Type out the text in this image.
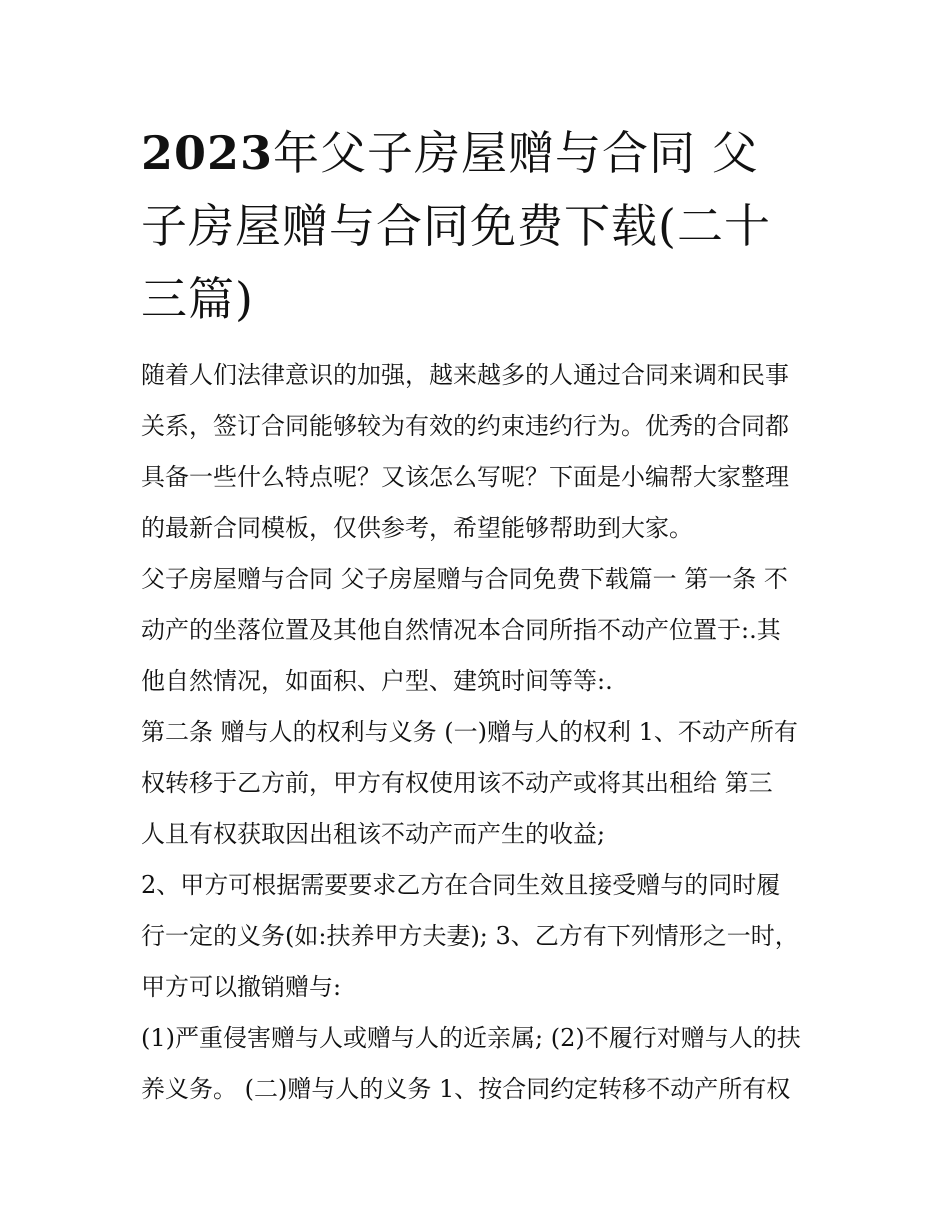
2023年父子房屋赠与合同 父
子房屋赠与合同免费下载(二十
三篇)

随着人们法律意识的加强，越来越多的人通过合同来调和民事
关系，签订合同能够较为有效的约束违约行为。优秀的合同都
具备一些什么特点呢？又该怎么写呢？下面是小编帮大家整理
的最新合同模板，仅供参考，希望能够帮助到大家。

父子房屋赠与合同 父子房屋赠与合同免费下载篇一 第一条 不
动产的坐落位置及其他自然情况本合同所指不动产位置于:.其
他自然情况，如面积、户型、建筑时间等等:.

第二条 赠与人的权利与义务 (一)赠与人的权利 1、不动产所有
权转移于乙方前，甲方有权使用该不动产或将其出租给 第三
人且有权获取因出租该不动产而产生的收益;

2、甲方可根据需要要求乙方在合同生效且接受赠与的同时履
行一定的义务(如:扶养甲方夫妻); 3、乙方有下列情形之一时，
甲方可以撤销赠与:

(1)严重侵害赠与人或赠与人的近亲属; (2)不履行对赠与人的扶
养义务。 (二)赠与人的义务 1、按合同约定转移不动产所有权
